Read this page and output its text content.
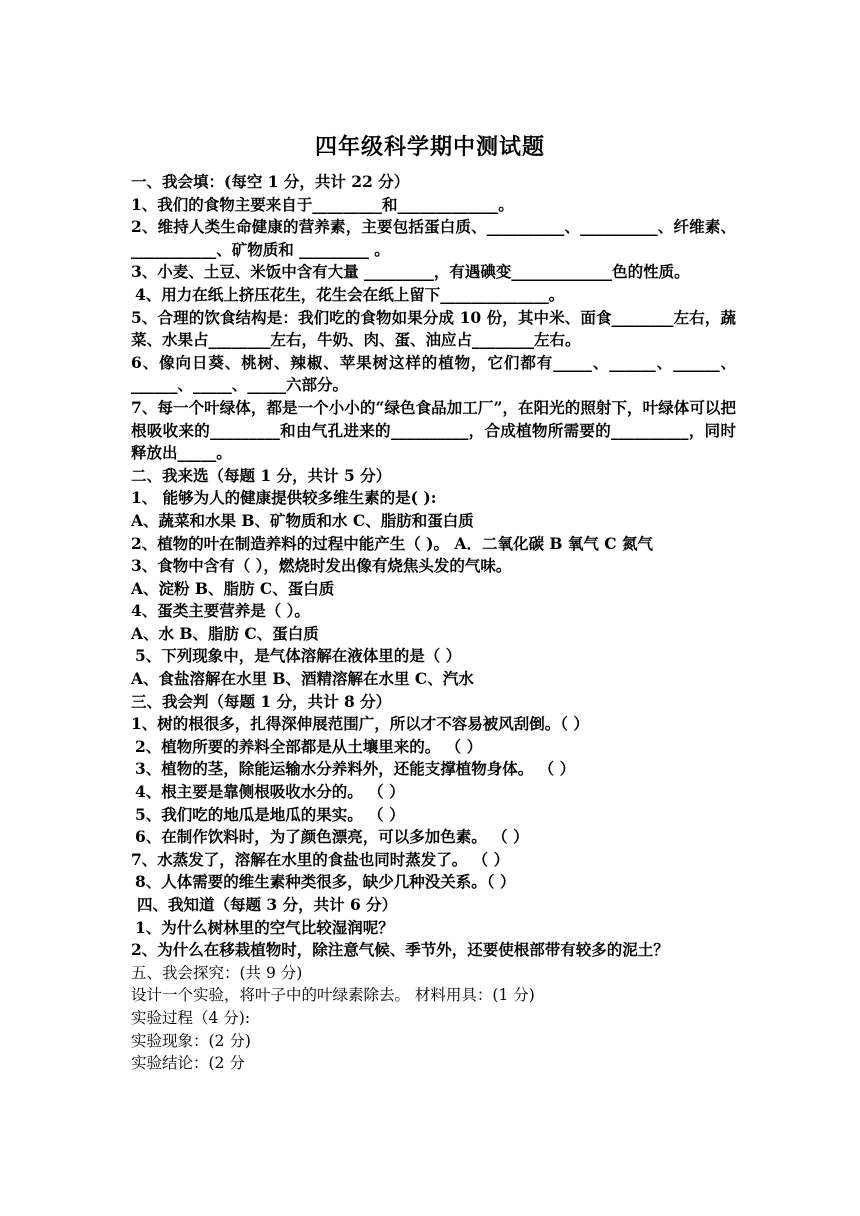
四年级科学期中测试题
一、我会填：(每空 1 分，共计 22 分）
1、我们的食物主要来自于_________和_____________。
2、维持人类生命健康的营养素，主要包括蛋白质、__________、__________、纤维素、___________、矿物质和 _________ 。
3、小麦、土豆、米饭中含有大量 _________，有遇碘变_____________色的性质。
4、用力在纸上挤压花生，花生会在纸上留下______________。
5、合理的饮食结构是：我们吃的食物如果分成 10 份，其中米、面食________左右，蔬菜、水果占________左右，牛奶、肉、蛋、油应占________左右。
6、像向日葵、桃树、辣椒、苹果树这样的植物，它们都有_____、______、______、______、_____、_____六部分。
7、每一个叶绿体，都是一个小小的“绿色食品加工厂”，在阳光的照射下，叶绿体可以把根吸收来的_________和由气孔进来的__________，合成植物所需要的__________，同时释放出_____。
二、我来选（每题 1 分，共计 5 分）
1、 能够为人的健康提供较多维生素的是( ):
A、蔬菜和水果 B、矿物质和水 C、脂肪和蛋白质
2、植物的叶在制造养料的过程中能产生（ )。 A．二氧化碳 B 氧气 C 氮气
3、食物中含有（ ），燃烧时发出像有烧焦头发的气味。
A、淀粉 B、脂肪 C、蛋白质
4、蛋类主要营养是（ ）。
A、水 B、脂肪 C、蛋白质
5、下列现象中，是气体溶解在液体里的是（ ）
A、食盐溶解在水里 B、酒精溶解在水里 C、汽水
三、我会判（每题 1 分，共计 8 分）
1、树的根很多，扎得深伸展范围广，所以才不容易被风刮倒。（ ）
2、植物所要的养料全部都是从土壤里来的。 （ ）
3、植物的茎，除能运输水分养料外，还能支撑植物身体。 （ ）
4、根主要是靠侧根吸收水分的。 （ ）
5、我们吃的地瓜是地瓜的果实。 （ ）
6、在制作饮料时，为了颜色漂亮，可以多加色素。 （ ）
7、水蒸发了，溶解在水里的食盐也同时蒸发了。 （ ）
8、人体需要的维生素种类很多，缺少几种没关系。（ ）
四、我知道（每题 3 分，共计 6 分）
1、为什么树林里的空气比较湿润呢？
2、为什么在移栽植物时，除注意气候、季节外，还要使根部带有较多的泥土？
五、我会探究：(共 9 分)
设计一个实验，将叶子中的叶绿素除去。 材料用具：(1 分)
实验过程（4 分):
实验现象：(2 分)
实验结论：(2 分
